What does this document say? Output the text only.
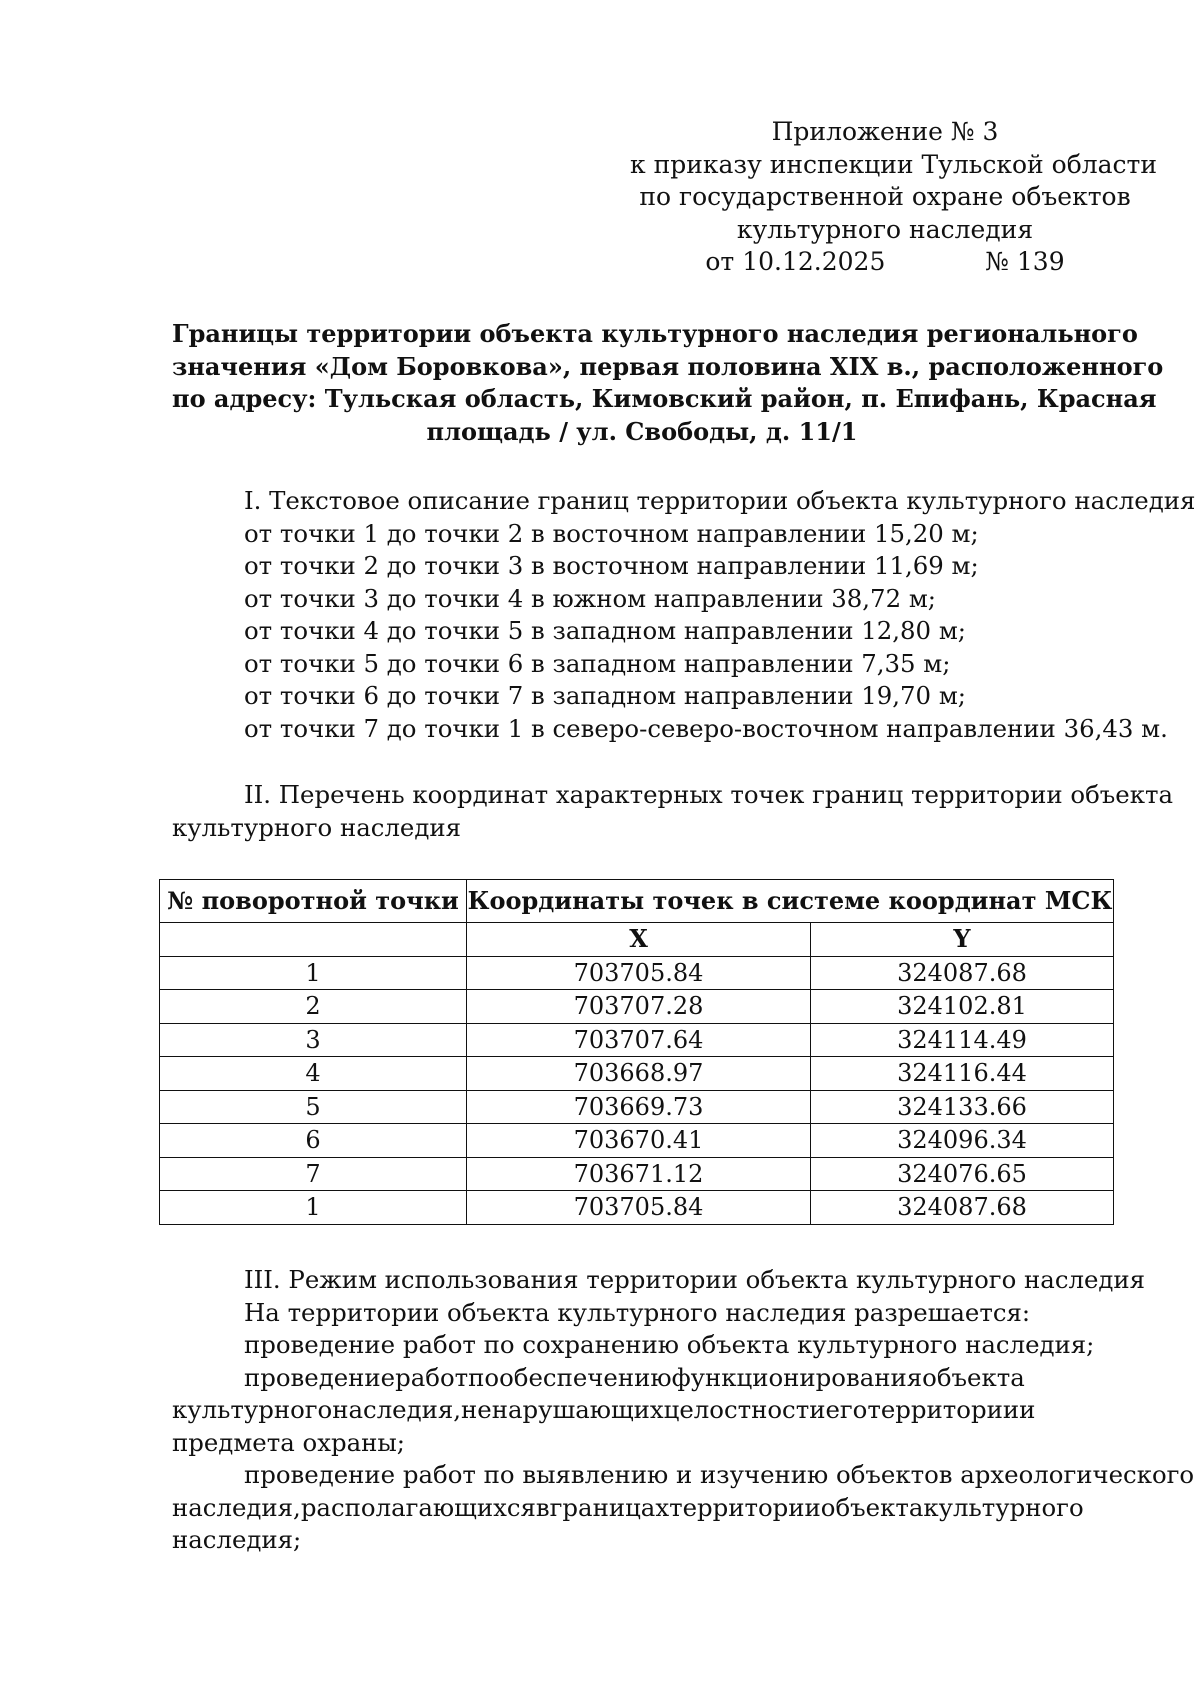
Приложение № 3
к приказу инспекции Тульской области
по государственной охране объектов
культурного наследия
от 10.12.2025	№ 139
Границы территории объекта культурного наследия регионального
значения «Дом Боровкова», первая половина XIX в., расположенного
по адресу: Тульская область, Кимовский район, п. Епифань, Красная
площадь / ул. Свободы, д. 11/1
I. Текстовое описание границ территории объекта культурного наследия
от точки 1 до точки 2 в восточном направлении 15,20 м;
от точки 2 до точки 3 в восточном направлении 11,69 м;
от точки 3 до точки 4 в южном направлении 38,72 м;
от точки 4 до точки 5 в западном направлении 12,80 м;
от точки 5 до точки 6 в западном направлении 7,35 м;
от точки 6 до точки 7 в западном направлении 19,70 м;
от точки 7 до точки 1 в северо-северо-восточном направлении 36,43 м.
II. Перечень координат характерных точек границ территории объекта
культурного наследия
№ поворотной точки	Координаты точек в системе координат МСК	
	X	Y
1	703705.84	324087.68
2	703707.28	324102.81
3	703707.64	324114.49
4	703668.97	324116.44
5	703669.73	324133.66
6	703670.41	324096.34
7	703671.12	324076.65
1	703705.84	324087.68
III. Режим использования территории объекта культурного наследия
На территории объекта культурного наследия разрешается:
проведение работ по сохранению объекта культурного наследия;
проведениеработпообеспечениюфункционированияобъекта
культурногонаследия,ненарушающихцелостностиеготерриториии
предмета охраны;
проведение работ по выявлению и изучению объектов археологического
наследия,располагающихсявграницахтерриторииобъектакультурного
наследия;
